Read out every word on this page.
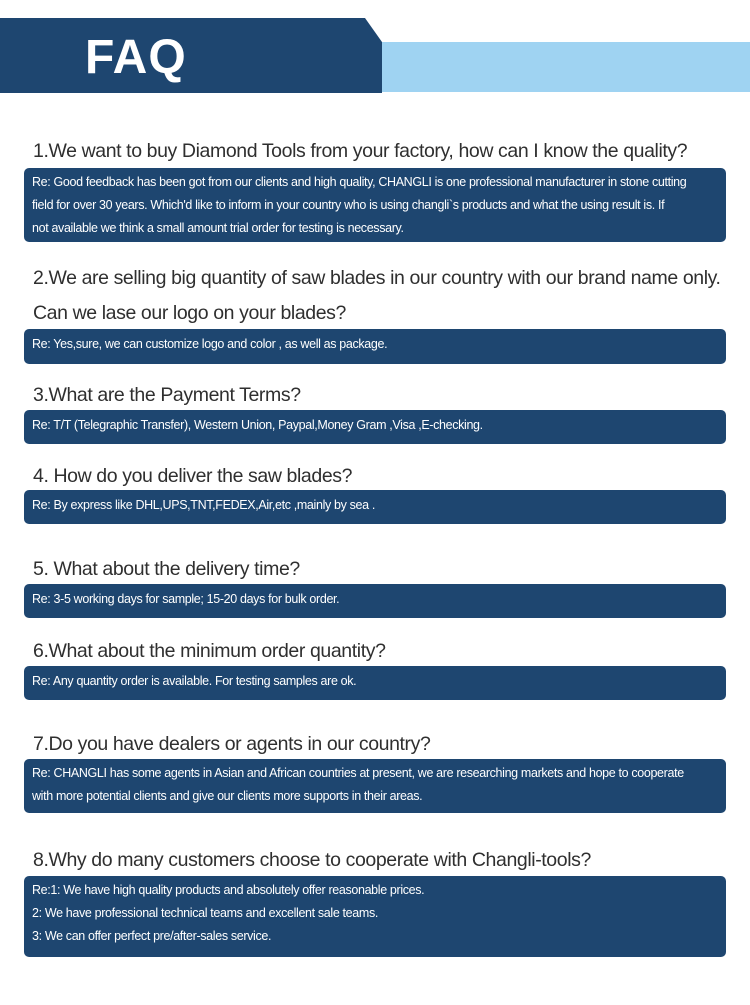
FAQ
1.We want to buy Diamond Tools from your factory, how can I know the quality?
Re: Good feedback has been got from our clients and high quality, CHANGLI is one professional manufacturer in stone cutting
field for over 30 years. Which'd like to inform in your country who is using changli`s products and what the using result is. If
not available we think a small amount trial order for testing is necessary.
2.We are selling big quantity of saw blades in our country with our brand name only.
Can we lase our logo on your blades?
Re: Yes,sure, we can customize logo and color , as well as package.
3.What are the Payment Terms?
Re: T/T (Telegraphic Transfer), Western Union, Paypal,Money Gram ,Visa ,E-checking.
4. How do you deliver the saw blades?
Re: By express like DHL,UPS,TNT,FEDEX,Air,etc ,mainly by sea .
5. What about the delivery time?
Re: 3-5 working days for sample; 15-20 days for bulk order.
6.What about the minimum order quantity?
Re: Any quantity order is available. For testing samples are ok.
7.Do you have dealers or agents in our country?
Re: CHANGLI has some agents in Asian and African countries at present, we are researching markets and hope to cooperate
with more potential clients and give our clients more supports in their areas.
8.Why do many customers choose to cooperate with Changli-tools?
Re:1: We have high quality products and absolutely offer reasonable prices.
2: We have professional technical teams and excellent sale teams.
3: We can offer perfect pre/after-sales service.
